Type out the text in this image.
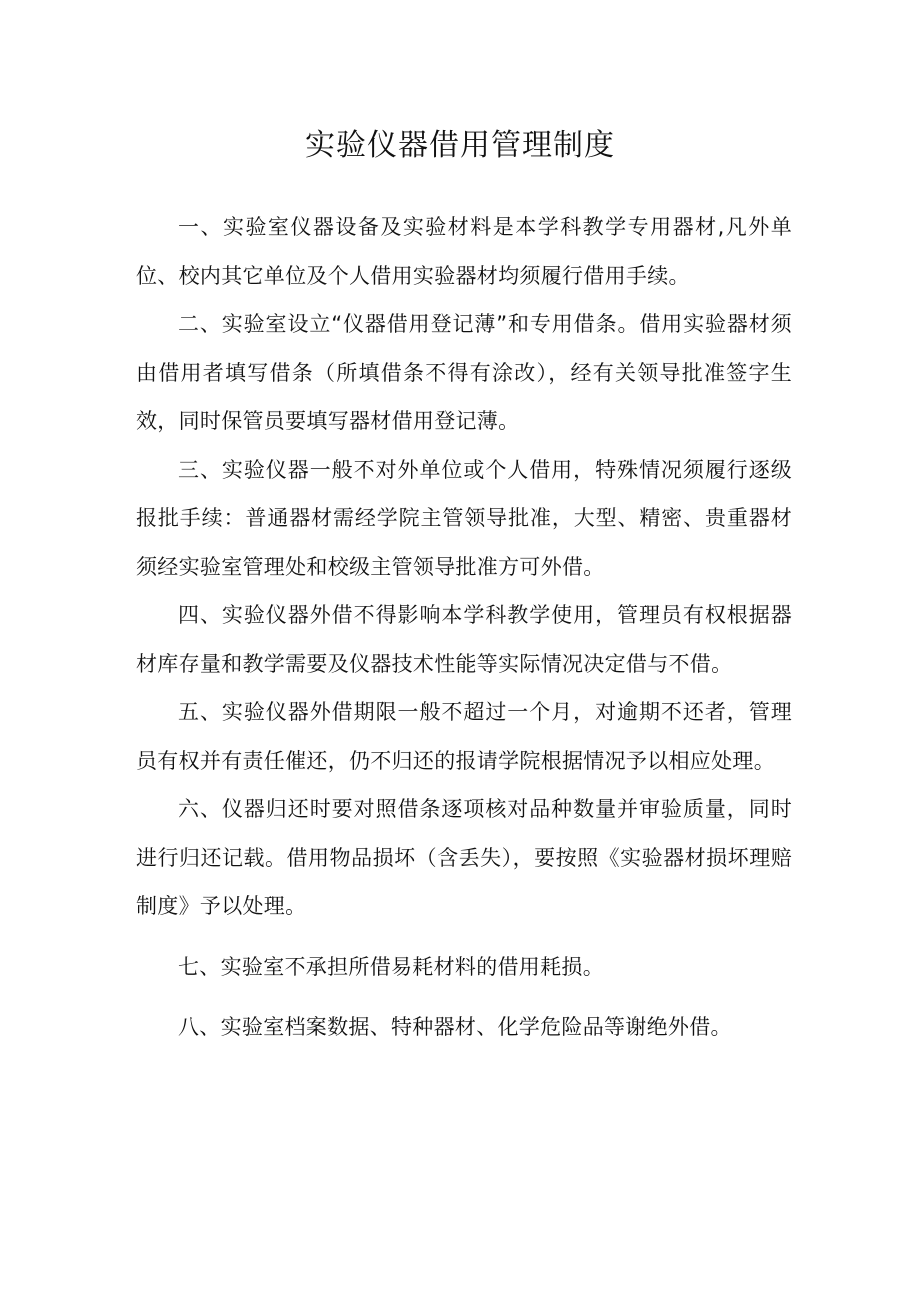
实验仪器借用管理制度

一、实验室仪器设备及实验材料是本学科教学专用器材,凡外单位、校内其它单位及个人借用实验器材均须履行借用手续。

二、实验室设立“仪器借用登记薄”和专用借条。借用实验器材须由借用者填写借条（所填借条不得有涂改），经有关领导批准签字生效，同时保管员要填写器材借用登记薄。

三、实验仪器一般不对外单位或个人借用，特殊情况须履行逐级报批手续：普通器材需经学院主管领导批准，大型、精密、贵重器材须经实验室管理处和校级主管领导批准方可外借。

四、实验仪器外借不得影响本学科教学使用，管理员有权根据器材库存量和教学需要及仪器技术性能等实际情况决定借与不借。

五、实验仪器外借期限一般不超过一个月，对逾期不还者，管理员有权并有责任催还，仍不归还的报请学院根据情况予以相应处理。

六、仪器归还时要对照借条逐项核对品种数量并审验质量，同时进行归还记载。借用物品损坏（含丢失），要按照《实验器材损坏理赔制度》予以处理。

七、实验室不承担所借易耗材料的借用耗损。

八、实验室档案数据、特种器材、化学危险品等谢绝外借。
